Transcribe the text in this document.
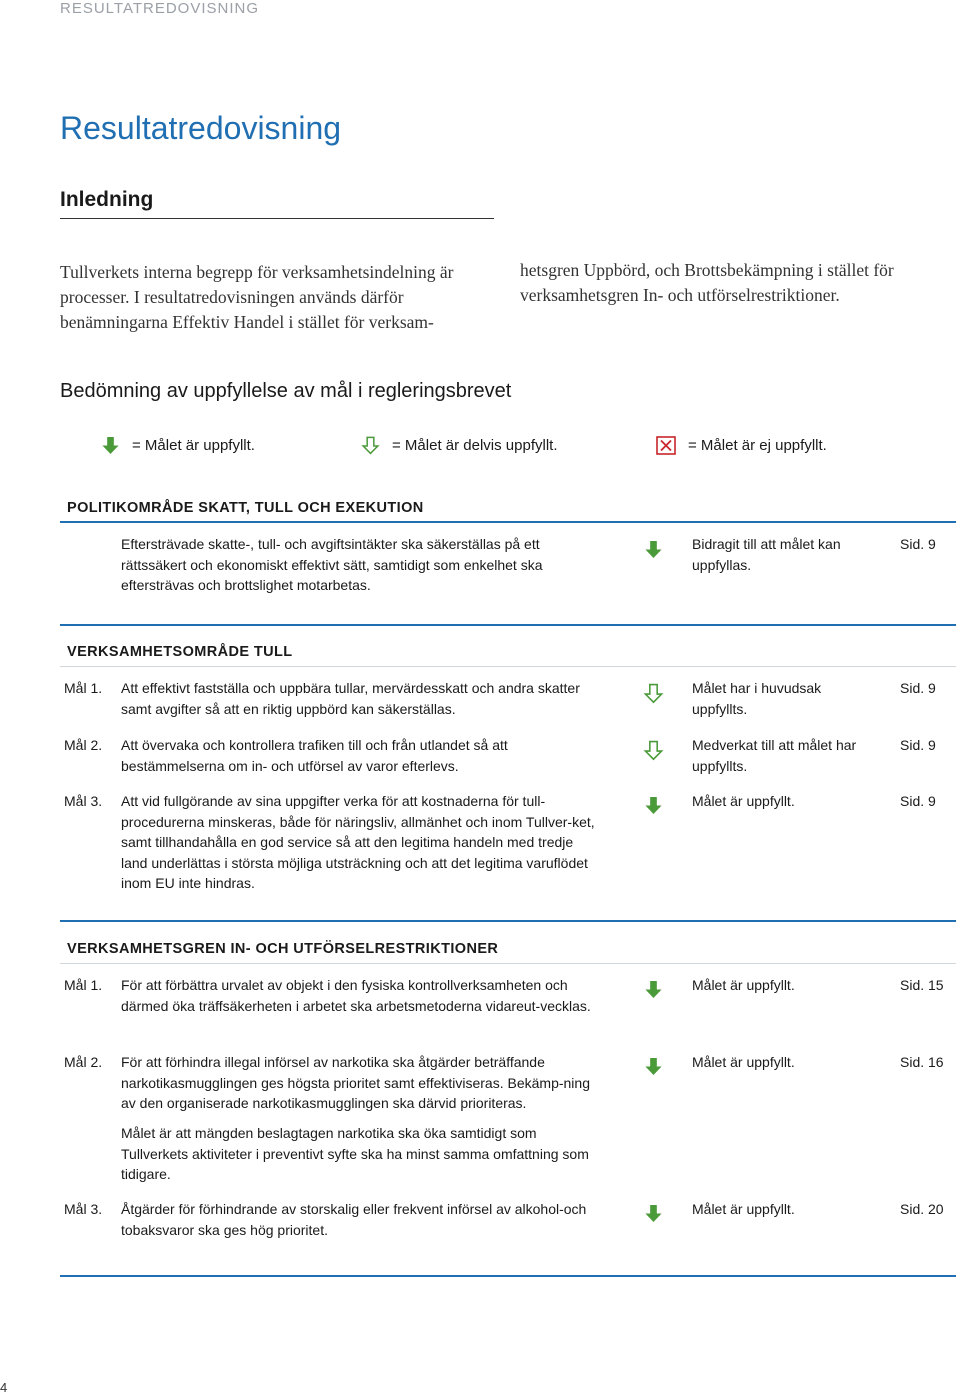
RESULTATREDOVISNING
Resultatredovisning
Inledning
Tullverkets interna begrepp för verksamhetsindelning är processer. I resultatredovisningen används därför benämningarna Effektiv Handel i stället för verksam-
hetsgren Uppbörd, och Brottsbekämpning i stället för verksamhetsgren In- och utförselrestriktioner.
Bedömning av uppfyllelse av mål i regleringsbrevet
= Målet är uppfyllt.	= Målet är delvis uppfyllt.	= Målet är ej uppfyllt.
POLITIKOMRÅDE SKATT, TULL OCH EXEKUTION
Eftersträvade skatte-, tull- och avgiftsintäkter ska säkerställas på ett rättssäkert och ekonomiskt effektivt sätt, samtidigt som enkelhet ska eftersträvas och brottslighet motarbetas.
Bidragit till att målet kan uppfyllas.
Sid. 9
VERKSAMHETSOMRÅDE TULL
Mål 1. Att effektivt fastställa och uppbära tullar, mervärdesskatt och andra skatter samt avgifter så att en riktig uppbörd kan säkerställas.
Målet har i huvudsak uppfyllts.
Sid. 9
Mål 2. Att övervaka och kontrollera trafiken till och från utlandet så att bestämmelserna om in- och utförsel av varor efterlevs.
Medverkat till att målet har uppfyllts.
Sid. 9
Mål 3. Att vid fullgörande av sina uppgifter verka för att kostnaderna för tull-procedurerna minskeras, både för näringsliv, allmänhet och inom Tullver-ket, samt tillhandahålla en god service så att den legitima handeln med tredje land underlättas i största möjliga utsträckning och att det legitima varuflödet inom EU inte hindras.
Målet är uppfyllt.	Sid. 9
VERKSAMHETSGREN IN- OCH UTFÖRSELRESTRIKTIONER
Mål 1. För att förbättra urvalet av objekt i den fysiska kontrollverksamheten och därmed öka träffsäkerheten i arbetet ska arbetsmetoderna vidareut-vecklas.
Målet är uppfyllt.	Sid. 15
Mål 2. För att förhindra illegal införsel av narkotika ska åtgärder beträffande narkotikasmugglingen ges högsta prioritet samt effektiviseras. Bekämp-ning av den organiserade narkotikasmugglingen ska därvid prioriteras.
Målet är att mängden beslagtagen narkotika ska öka samtidigt som Tullverkets aktiviteter i preventivt syfte ska ha minst samma omfattning som tidigare.
Målet är uppfyllt.	Sid. 16
Mål 3. Åtgärder för förhindrande av storskalig eller frekvent införsel av alkohol-och tobaksvaror ska ges hög prioritet.
Målet är uppfyllt.	Sid. 20
4
